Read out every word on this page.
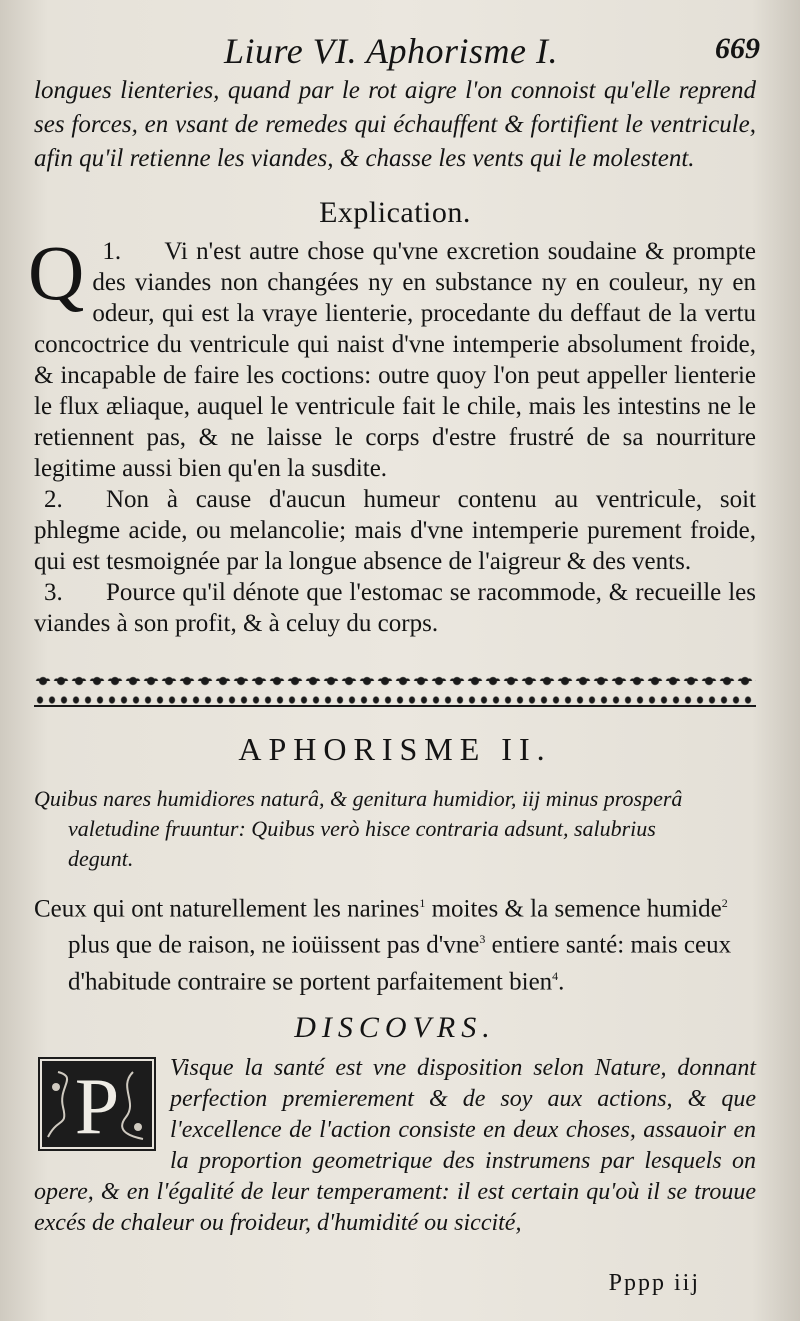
Liure VI. Aphorisme I.	669

longues lienteries, quand par le rot aigre l'on connoist qu'elle reprend ses forces, en vsant de remedes qui échauffent & fortifient le ventricule, afin qu'il retienne les viandes, & chasse les vents qui le molestent.

Explication.

1.
Q	Vi n'est autre chose qu'vne excretion soudaine & prompte des viandes non changées ny en substance ny en couleur, ny en odeur, qui est la vraye lienterie, procedante du deffaut de la vertu concoctrice du ventricule qui naist d'vne intemperie absolument froide, & incapable de faire les coctions: outre quoy l'on peut appeller lienterie le flux æliaque, auquel le ventricule fait le chile, mais les intestins ne le retiennent pas, & ne laisse le corps d'estre frustré de sa nourriture legitime aussi bien qu'en la susdite.

2. Non à cause d'aucun humeur contenu au ventricule, soit phlegme acide, ou melancolie; mais d'vne intemperie purement froide, qui est tesmoignée par la longue absence de l'aigreur & des vents.

3. Pource qu'il dénote que l'estomac se racommode, & recueille les viandes à son profit, & à celuy du corps.

APHORISME II.

Quibus nares humidiores naturâ, & genitura humidior, iij minus prosperâ

valetudine fruuntur: Quibus verò hisce contraria adsunt, salubrius

degunt.

Ceux qui ont naturellement les narines$^1$ moites & la semence humide$^2$ plus que de raison, ne ioüissent pas d'vne$^3$ entiere santé: mais ceux d'habitude contraire se portent parfaitement bien$^4$.

DISCOVRS.
P	Visque la santé est vne disposition selon Nature, donnant perfection premierement & de soy aux actions, & que l'excellence de l'action consiste en deux choses, assauoir en la proportion geometrique des instrumens par lesquels on opere, & en l'égalité de leur temperament: il est certain qu'où il se trouue excés de chaleur ou froideur, d'humidité ou siccité,

Pppp iij
